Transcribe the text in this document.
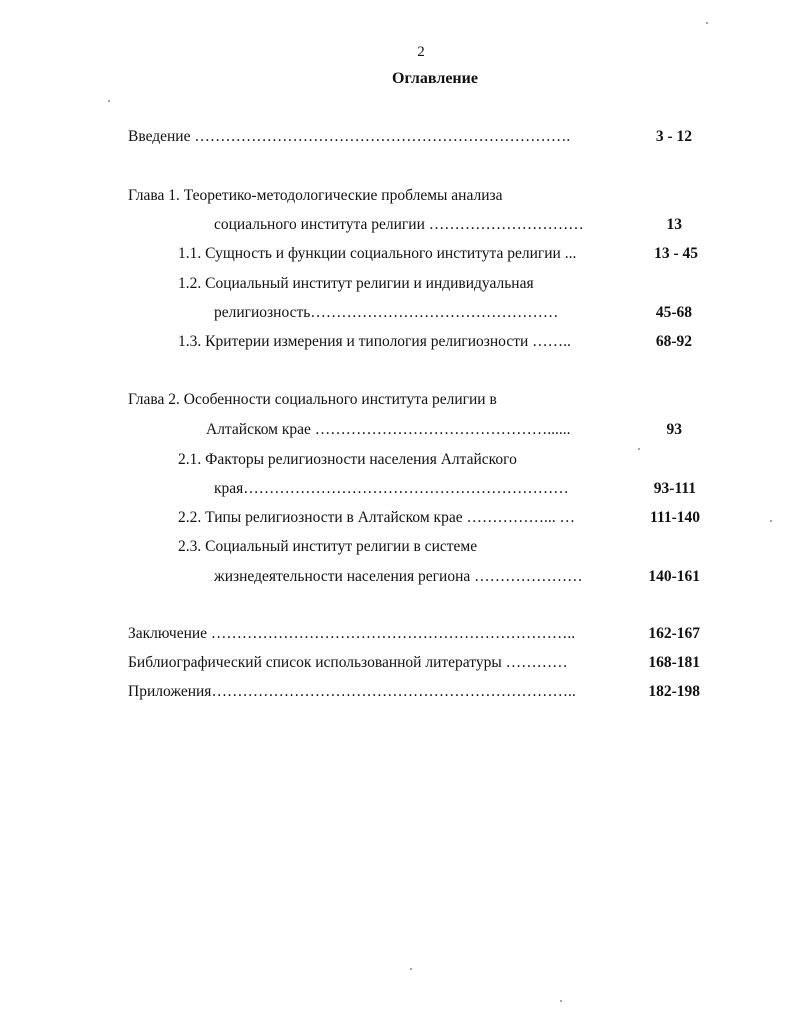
2
Оглавление
Введение ……………………………………………………………….	3 - 12
Глава 1. Теоретико-методологические проблемы анализа
социального института религии …………………………	13
1.1. Сущность и функции социального института религии ...	13 - 45
1.2. Социальный институт религии и индивидуальная
религиозность…………………………………………	45-68
1.3. Критерии измерения и типология религиозности ……..	68-92
Глава 2. Особенности социального института религии в
Алтайском крае ………………………………………......	93
2.1. Факторы религиозности населения Алтайского
края………………………………………………………	93-111
2.2. Типы религиозности в Алтайском крае ……………... …	111-140
2.3. Социальный институт религии в системе
жизнедеятельности населения региона …………………	140-161
Заключение ……………………………………………………………..	162-167
Библиографический список использованной литературы …………	168-181
Приложения……………………………………………………………..	182-198
